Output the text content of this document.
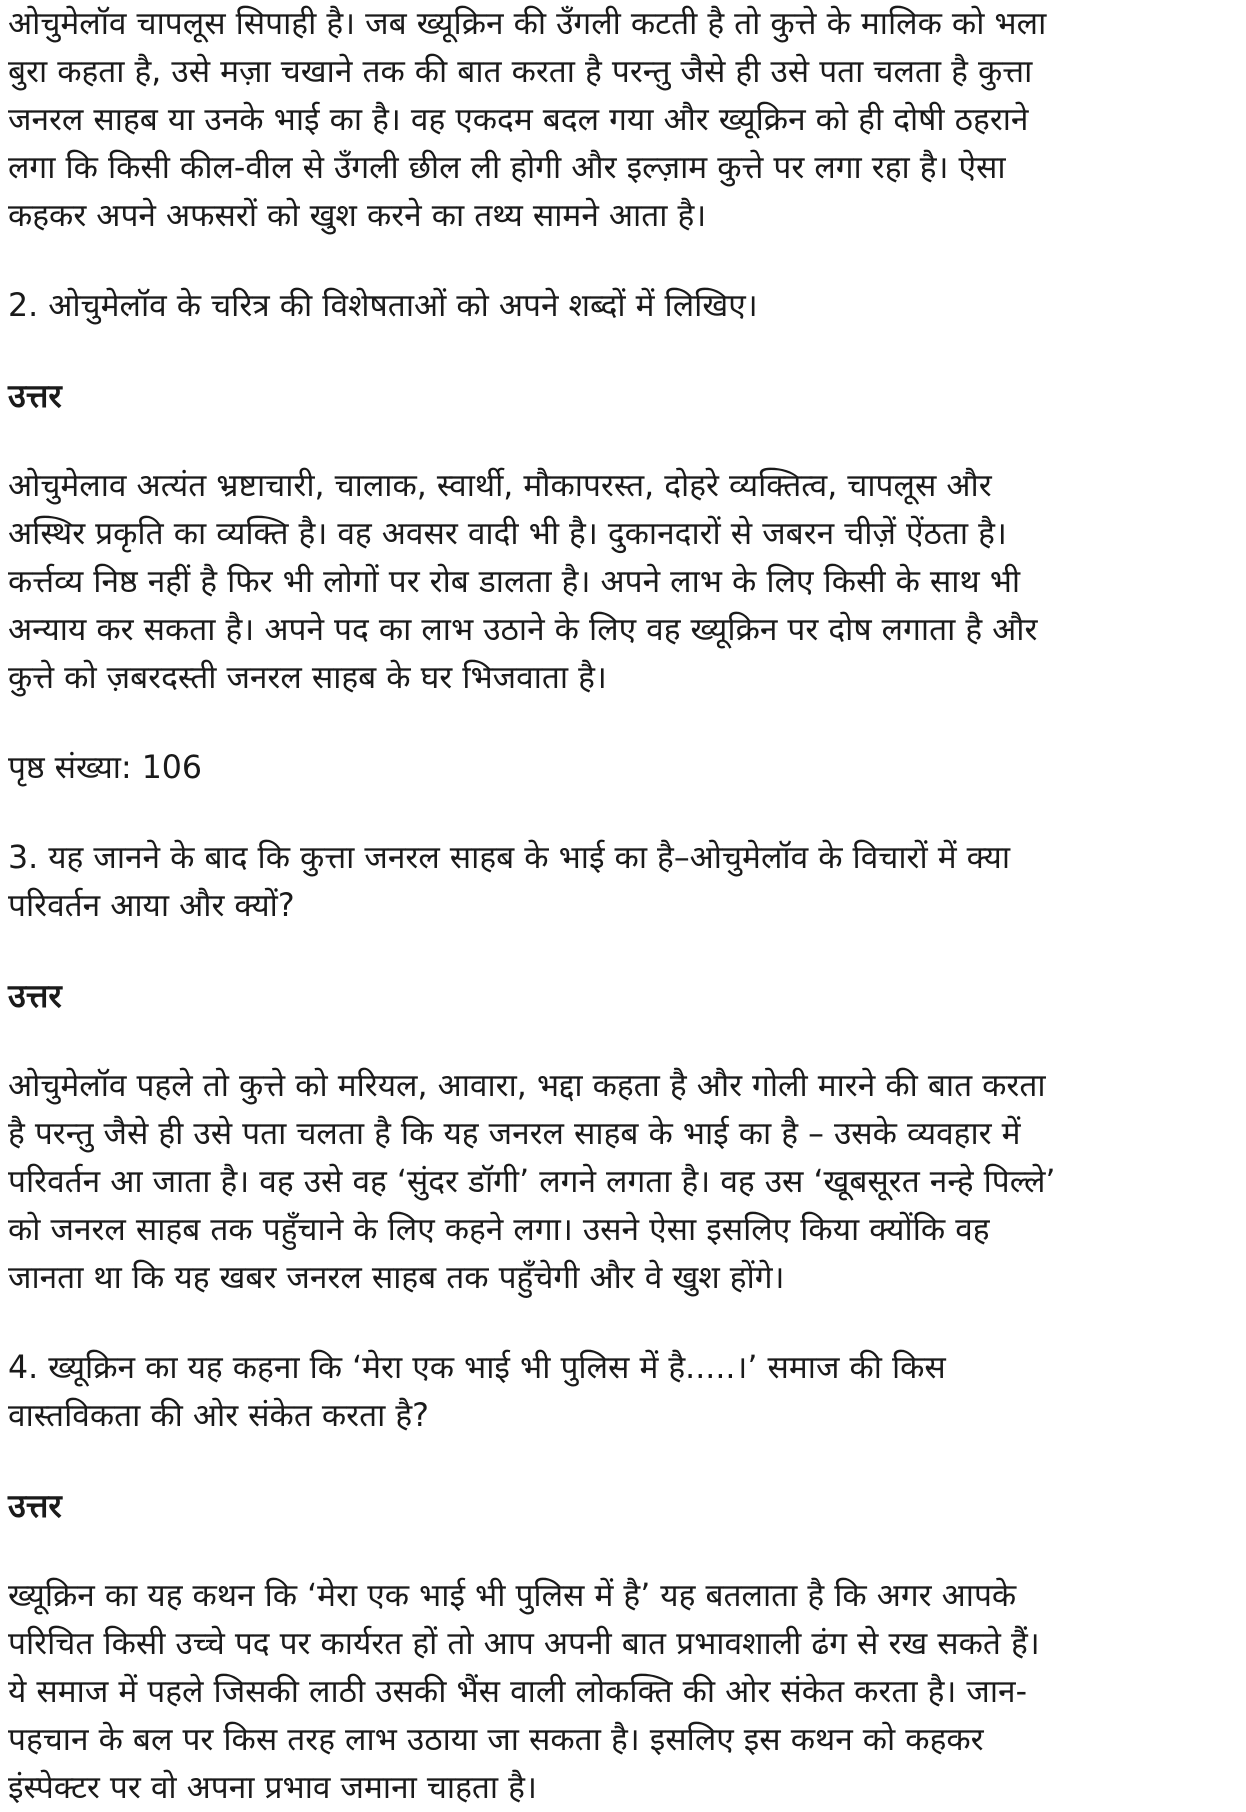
ओचुमेलॉव चापलूस सिपाही है। जब ख्यूक्रिन की उँगली कटती है तो कुत्ते के मालिक को भला
बुरा कहता है, उसे मज़ा चखाने तक की बात करता है परन्तु जैसे ही उसे पता चलता है कुत्ता
जनरल साहब या उनके भाई का है। वह एकदम बदल गया और ख्यूक्रिन को ही दोषी ठहराने
लगा कि किसी कील-वील से उँगली छील ली होगी और इल्ज़ाम कुत्ते पर लगा रहा है। ऐसा
कहकर अपने अफसरों को खुश करने का तथ्य सामने आता है।

2. ओचुमेलॉव के चरित्र की विशेषताओं को अपने शब्दों में लिखिए।

उत्तर

ओचुमेलाव अत्यंत भ्रष्टाचारी, चालाक, स्वार्थी, मौकापरस्त, दोहरे व्यक्तित्व, चापलूस और
अस्थिर प्रकृति का व्यक्ति है। वह अवसर वादी भी है। दुकानदारों से जबरन चीज़ें ऐंठता है।
कर्त्तव्य निष्ठ नहीं है फिर भी लोगों पर रोब डालता है। अपने लाभ के लिए किसी के साथ भी
अन्याय कर सकता है। अपने पद का लाभ उठाने के लिए वह ख्यूक्रिन पर दोष लगाता है और
कुत्ते को ज़बरदस्ती जनरल साहब के घर भिजवाता है।

पृष्ठ संख्या: 106

3. यह जानने के बाद कि कुत्ता जनरल साहब के भाई का है–ओचुमेलॉव के विचारों में क्या
परिवर्तन आया और क्यों?

उत्तर

ओचुमेलॉव पहले तो कुत्ते को मरियल, आवारा, भद्दा कहता है और गोली मारने की बात करता
है परन्तु जैसे ही उसे पता चलता है कि यह जनरल साहब के भाई का है – उसके व्यवहार में
परिवर्तन आ जाता है। वह उसे वह ‘सुंदर डॉगी’ लगने लगता है। वह उस ‘खूबसूरत नन्हे पिल्ले’
को जनरल साहब तक पहुँचाने के लिए कहने लगा। उसने ऐसा इसलिए किया क्योंकि वह
जानता था कि यह खबर जनरल साहब तक पहुँचेगी और वे खुश होंगे।
4. ख्यूक्रिन का यह कहना कि ‘मेरा एक भाई भी पुलिस में है.....।’ समाज की किस
वास्तविकता की ओर संकेत करता है?

उत्तर

ख्यूक्रिन का यह कथन कि ‘मेरा एक भाई भी पुलिस में है’ यह बतलाता है कि अगर आपके
परिचित किसी उच्चे पद पर कार्यरत हों तो आप अपनी बात प्रभावशाली ढंग से रख सकते हैं।
ये समाज में पहले जिसकी लाठी उसकी भैंस वाली लोकक्ति की ओर संकेत करता है। जान-
पहचान के बल पर किस तरह लाभ उठाया जा सकता है। इसलिए इस कथन को कहकर
इंस्पेक्टर पर वो अपना प्रभाव जमाना चाहता है।
